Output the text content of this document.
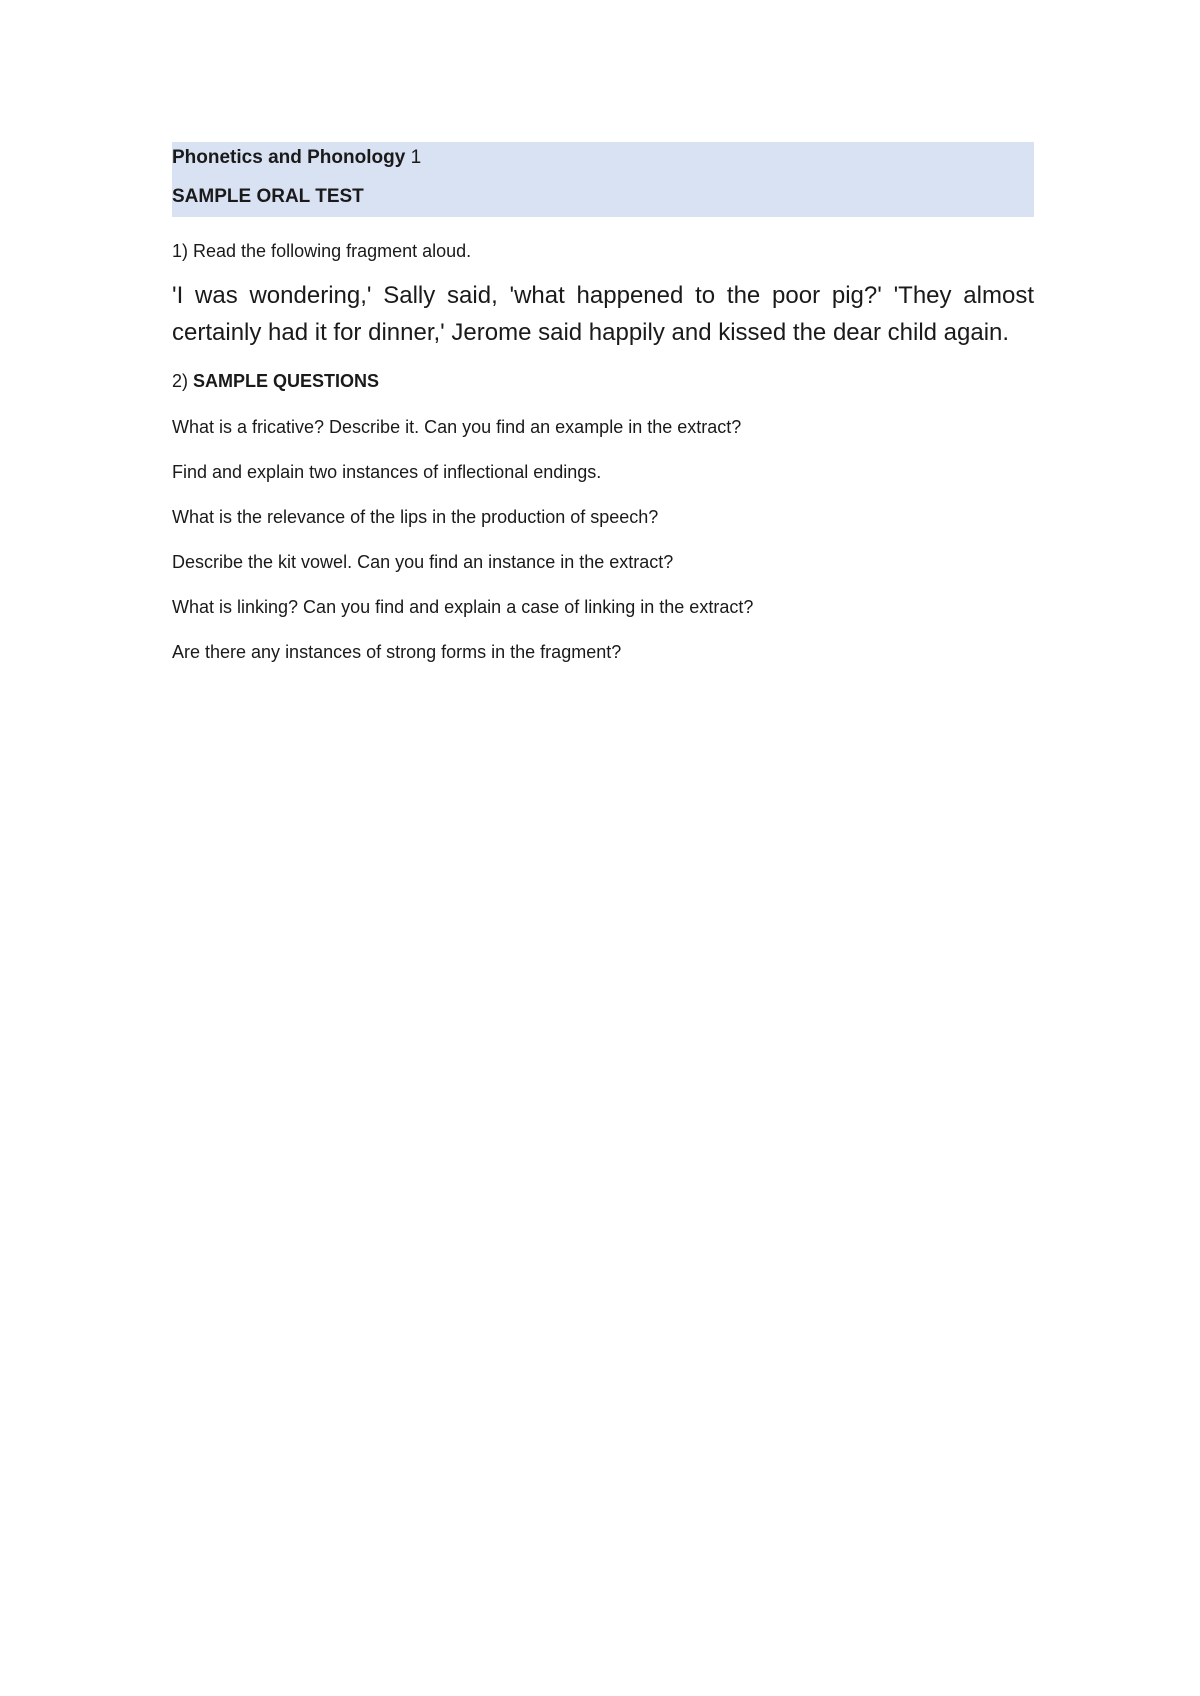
Phonetics and Phonology 1
SAMPLE ORAL TEST
1) Read the following fragment aloud.
'I was wondering,' Sally said, 'what happened to the poor pig?' 'They almost certainly had it for dinner,' Jerome said happily and kissed the dear child again.
2) SAMPLE QUESTIONS
What is a fricative? Describe it. Can you find an example in the extract?
Find and explain two instances of inflectional endings.
What is the relevance of the lips in the production of speech?
Describe the kit vowel. Can you find an instance in the extract?
What is linking? Can you find and explain a case of linking in the extract?
Are there any instances of strong forms in the fragment?
